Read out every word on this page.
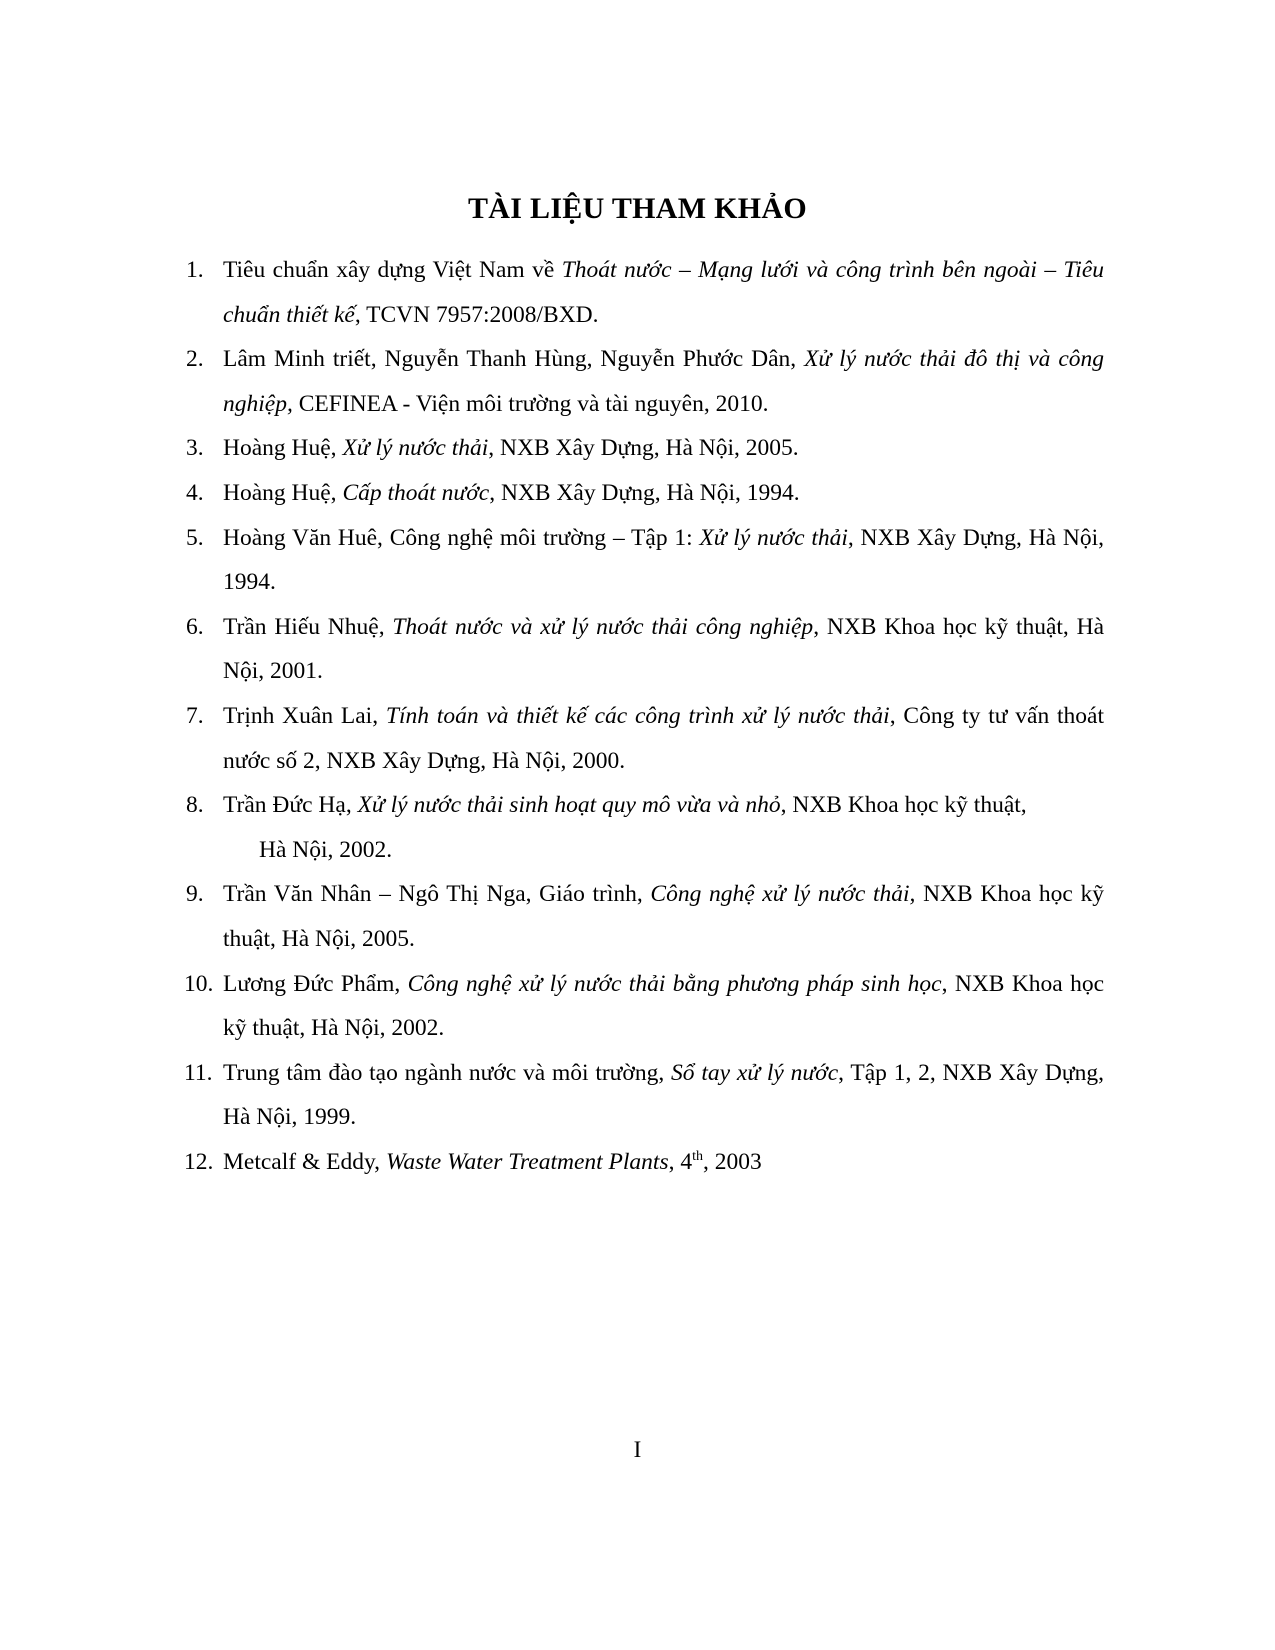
TÀI LIỆU THAM KHẢO
1. Tiêu chuẩn xây dựng Việt Nam về Thoát nước – Mạng lưới và công trình bên ngoài – Tiêu chuẩn thiết kế, TCVN 7957:2008/BXD.
2. Lâm Minh triết, Nguyễn Thanh Hùng, Nguyễn Phước Dân, Xử lý nước thải đô thị và công nghiệp, CEFINEA - Viện môi trường và tài nguyên, 2010.
3. Hoàng Huệ, Xử lý nước thải, NXB Xây Dựng, Hà Nội, 2005.
4. Hoàng Huệ, Cấp thoát nước, NXB Xây Dựng, Hà Nội, 1994.
5. Hoàng Văn Huê, Công nghệ môi trường – Tập 1: Xử lý nước thải, NXB Xây Dựng, Hà Nội, 1994.
6. Trần Hiếu Nhuệ, Thoát nước và xử lý nước thải công nghiệp, NXB Khoa học kỹ thuật, Hà Nội, 2001.
7. Trịnh Xuân Lai, Tính toán và thiết kế các công trình xử lý nước thải, Công ty tư vấn thoát nước số 2, NXB Xây Dựng, Hà Nội, 2000.
8. Trần Đức Hạ, Xử lý nước thải sinh hoạt quy mô vừa và nhỏ, NXB Khoa học kỹ thuật,
Hà Nội, 2002.
9. Trần Văn Nhân – Ngô Thị Nga, Giáo trình, Công nghệ xử lý nước thải, NXB Khoa học kỹ thuật, Hà Nội, 2005.
10. Lương Đức Phẩm, Công nghệ xử lý nước thải bằng phương pháp sinh học, NXB Khoa học kỹ thuật, Hà Nội, 2002.
11. Trung tâm đào tạo ngành nước và môi trường, Sổ tay xử lý nước, Tập 1, 2, NXB Xây Dựng, Hà Nội, 1999.
12. Metcalf & Eddy, Waste Water Treatment Plants, 4th, 2003
I
